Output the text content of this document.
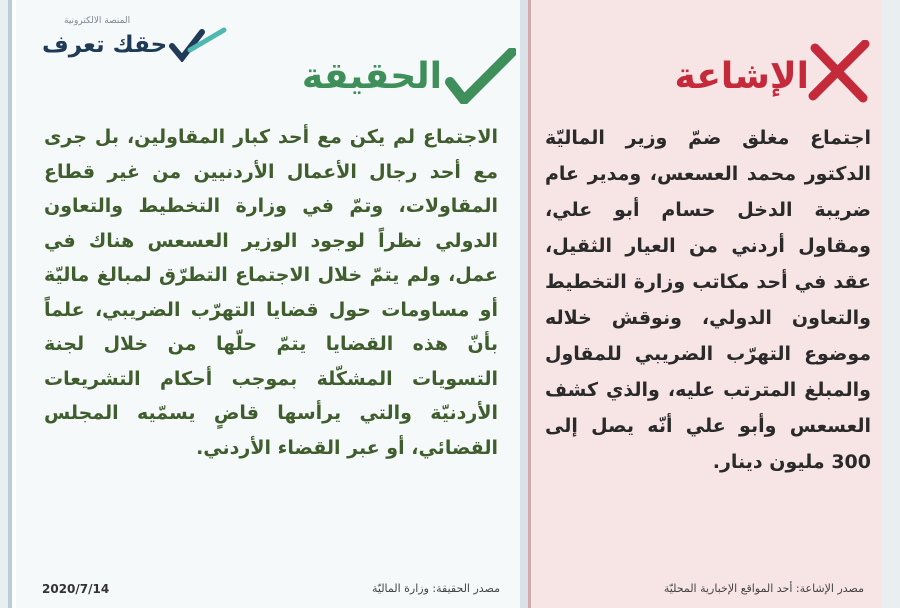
المنصة الالكترونية
حقك تعرف
الحقيقة

الاجتماع لم يكن مع أحد كبار المقاولين، بل جرى مع أحد رجال الأعمال الأردنيين من غير قطاع المقاولات، وتمّ في وزارة التخطيط والتعاون الدولي نظراً لوجود الوزير العسعس هناك في عمل، ولم يتمّ خلال الاجتماع التطرّق لمبالغ ماليّة أو مساومات حول قضايا التهرّب الضريبي، علماً بأنّ هذه القضايا يتمّ حلّها من خلال لجنة التسويات المشكّلة بموجب أحكام التشريعات الأردنيّة والتي يرأسها قاضٍ يسمّيه المجلس القضائي، أو عبر القضاء الأردني.

2020/7/14	مصدر الحقيقة: وزارة الماليّة
الإشاعة

اجتماع مغلق ضمّ وزير الماليّة الدكتور محمد العسعس، ومدير عام ضريبة الدخل حسام أبو علي، ومقاول أردني من العيار الثقيل، عقد في أحد مكاتب وزارة التخطيط والتعاون الدولي، ونوقش خلاله موضوع التهرّب الضريبي للمقاول والمبلغ المترتب عليه، والذي كشف العسعس وأبو علي أنّه يصل إلى 300 مليون دينار.

مصدر الإشاعة: أحد المواقع الإخبارية المحليّة
